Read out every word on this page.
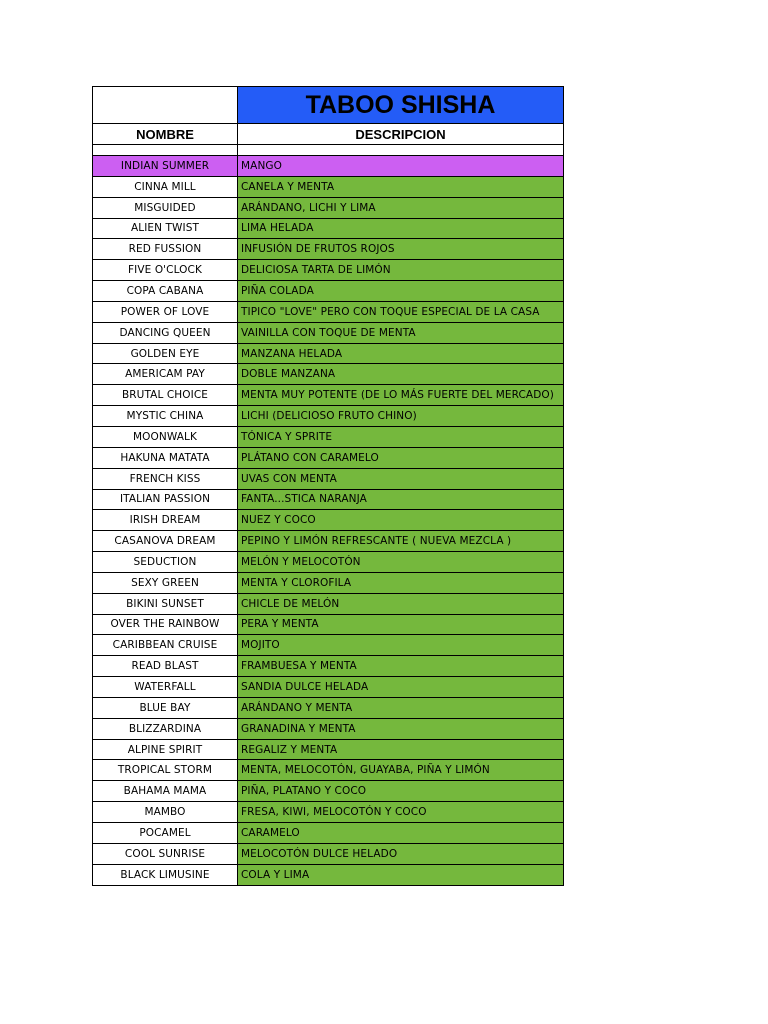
	TABOO SHISHA
NOMBRE	DESCRIPCION

INDIAN SUMMER	MANGO
CINNA MILL	CANELA Y MENTA
MISGUIDED	ARÁNDANO, LICHI Y LIMA
ALIEN TWIST	LIMA HELADA
RED FUSSION	INFUSIÓN DE FRUTOS ROJOS
FIVE O'CLOCK	DELICIOSA TARTA DE LIMÓN
COPA CABANA	PIÑA COLADA
POWER OF LOVE	TIPICO "LOVE" PERO CON TOQUE ESPECIAL DE LA CASA
DANCING QUEEN	VAINILLA CON TOQUE DE MENTA
GOLDEN EYE	MANZANA HELADA
AMERICAM PAY	DOBLE MANZANA
BRUTAL CHOICE	MENTA MUY POTENTE (DE LO MÁS FUERTE DEL MERCADO)
MYSTIC CHINA	LICHI (DELICIOSO FRUTO CHINO)
MOONWALK	TÓNICA Y SPRITE
HAKUNA MATATA	PLÁTANO CON CARAMELO
FRENCH KISS	UVAS CON MENTA
ITALIAN PASSION	FANTA...STICA NARANJA
IRISH DREAM	NUEZ Y COCO
CASANOVA DREAM	PEPINO Y LIMÓN REFRESCANTE ( NUEVA MEZCLA )
SEDUCTION	MELÓN Y MELOCOTÓN
SEXY GREEN	MENTA Y CLOROFILA
BIKINI SUNSET	CHICLE DE MELÓN
OVER THE RAINBOW	PERA Y MENTA
CARIBBEAN CRUISE	MOJITO
READ BLAST	FRAMBUESA Y MENTA
WATERFALL	SANDIA DULCE HELADA
BLUE BAY	ARÁNDANO Y MENTA
BLIZZARDINA	GRANADINA Y MENTA
ALPINE SPIRIT	REGALIZ Y MENTA
TROPICAL STORM	MENTA, MELOCOTÓN, GUAYABA, PIÑA Y LIMÓN
BAHAMA MAMA	PIÑA, PLATANO Y COCO
MAMBO	FRESA, KIWI, MELOCOTÓN Y COCO
POCAMEL	CARAMELO
COOL SUNRISE	MELOCOTÓN DULCE HELADO
BLACK LIMUSINE	COLA Y LIMA
